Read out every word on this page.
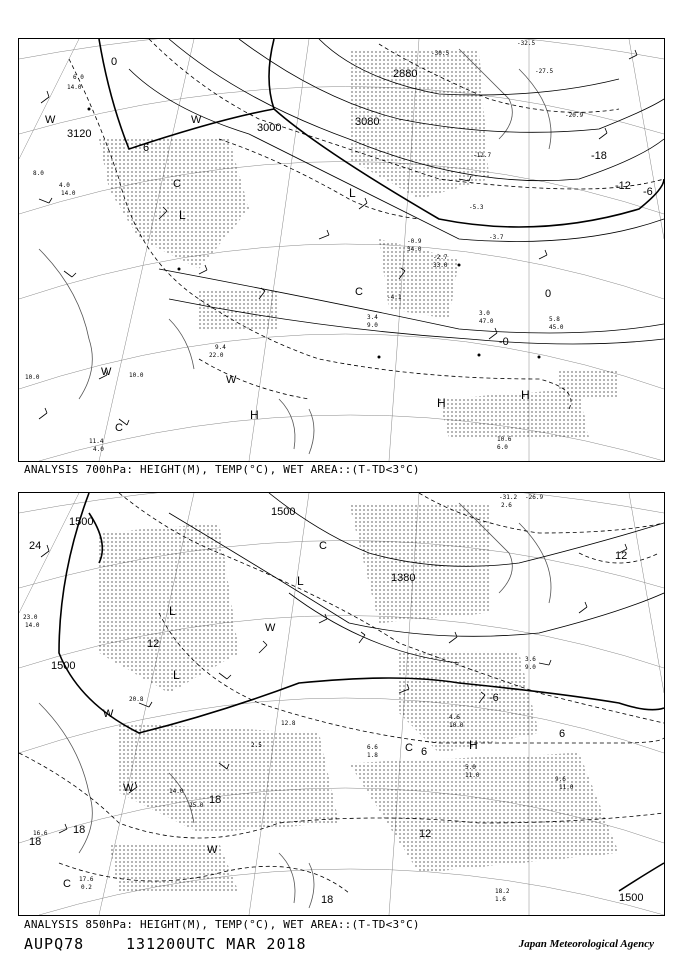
H
H
H
L
L
W	W
W
W
C
C
C
3120	3000
2880
3080
-18
-12 -6
0
6
0
-0
6.0
14.0
4.0
14.0
8.0
3.0
47.0	5.8
45.0
3.4
9.0
10.6
6.0
11.4
4.0
10.0
10.0
9.4
22.0
-30.5
-32.5
-27.5
-20.9
-12.7
-5.3
-3.7
-2.7
33.0
-0.9
34.0
-4.1
ANALYSIS 700hPa: HEIGHT(M), TEMP(°C), WET AREA::(T-TD<3°C)
H
L
L
L
W
W
W
W
C
C
C
1500
1500
1500
1380
1500
24
12
18
18
12
6
-6
12
18
6
18
-31.2 -26.9
2.6
9.6
11.0
5.0
11.0
18.2
1.6
3.6
9.0
6.6
1.8
23.0
14.0
20.8
16.6
17.6
0.2
14.0
25.0
12.8
2.5
4.6
10.0
ANALYSIS 850hPa: HEIGHT(M), TEMP(°C), WET AREA::(T-TD<3°C)
AUPQ78	131200UTC MAR 2018	Japan Meteorological Agency
